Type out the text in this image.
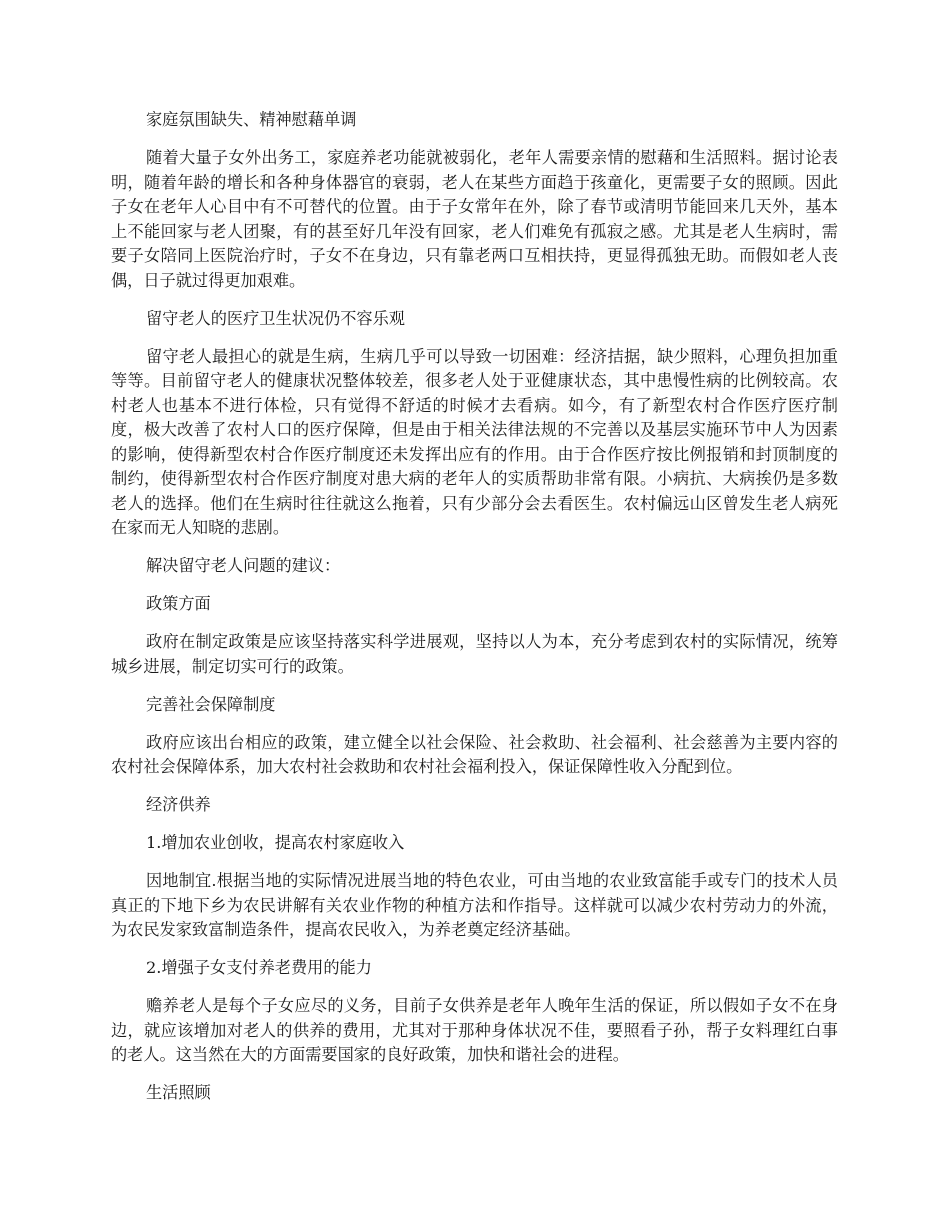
家庭氛围缺失、精神慰藉单调
随着大量子女外出务工，家庭养老功能就被弱化，老年人需要亲情的慰藉和生活照料。据讨论表明，随着年龄的增长和各种身体器官的衰弱，老人在某些方面趋于孩童化，更需要子女的照顾。因此子女在老年人心目中有不可替代的位置。由于子女常年在外，除了春节或清明节能回来几天外，基本上不能回家与老人团聚，有的甚至好几年没有回家，老人们难免有孤寂之感。尤其是老人生病时，需要子女陪同上医院治疗时，子女不在身边，只有靠老两口互相扶持，更显得孤独无助。而假如老人丧偶，日子就过得更加艰难。
留守老人的医疗卫生状况仍不容乐观
留守老人最担心的就是生病，生病几乎可以导致一切困难：经济拮据，缺少照料，心理负担加重等等。目前留守老人的健康状况整体较差，很多老人处于亚健康状态，其中患慢性病的比例较高。农村老人也基本不进行体检，只有觉得不舒适的时候才去看病。如今，有了新型农村合作医疗医疗制度，极大改善了农村人口的医疗保障，但是由于相关法律法规的不完善以及基层实施环节中人为因素的影响，使得新型农村合作医疗制度还未发挥出应有的作用。由于合作医疗按比例报销和封顶制度的制约，使得新型农村合作医疗制度对患大病的老年人的实质帮助非常有限。小病抗、大病挨仍是多数老人的选择。他们在生病时往往就这么拖着，只有少部分会去看医生。农村偏远山区曾发生老人病死在家而无人知晓的悲剧。
解决留守老人问题的建议：
政策方面
政府在制定政策是应该坚持落实科学进展观，坚持以人为本，充分考虑到农村的实际情况，统筹城乡进展，制定切实可行的政策。
完善社会保障制度
政府应该出台相应的政策，建立健全以社会保险、社会救助、社会福利、社会慈善为主要内容的农村社会保障体系，加大农村社会救助和农村社会福利投入，保证保障性收入分配到位。
经济供养
1.增加农业创收，提高农村家庭收入
因地制宜.根据当地的实际情况进展当地的特色农业，可由当地的农业致富能手或专门的技术人员真正的下地下乡为农民讲解有关农业作物的种植方法和作指导。这样就可以减少农村劳动力的外流，为农民发家致富制造条件，提高农民收入，为养老奠定经济基础。
2.增强子女支付养老费用的能力
赡养老人是每个子女应尽的义务，目前子女供养是老年人晚年生活的保证，所以假如子女不在身边，就应该增加对老人的供养的费用，尤其对于那种身体状况不佳，要照看子孙，帮子女料理红白事的老人。这当然在大的方面需要国家的良好政策，加快和谐社会的进程。
生活照顾
